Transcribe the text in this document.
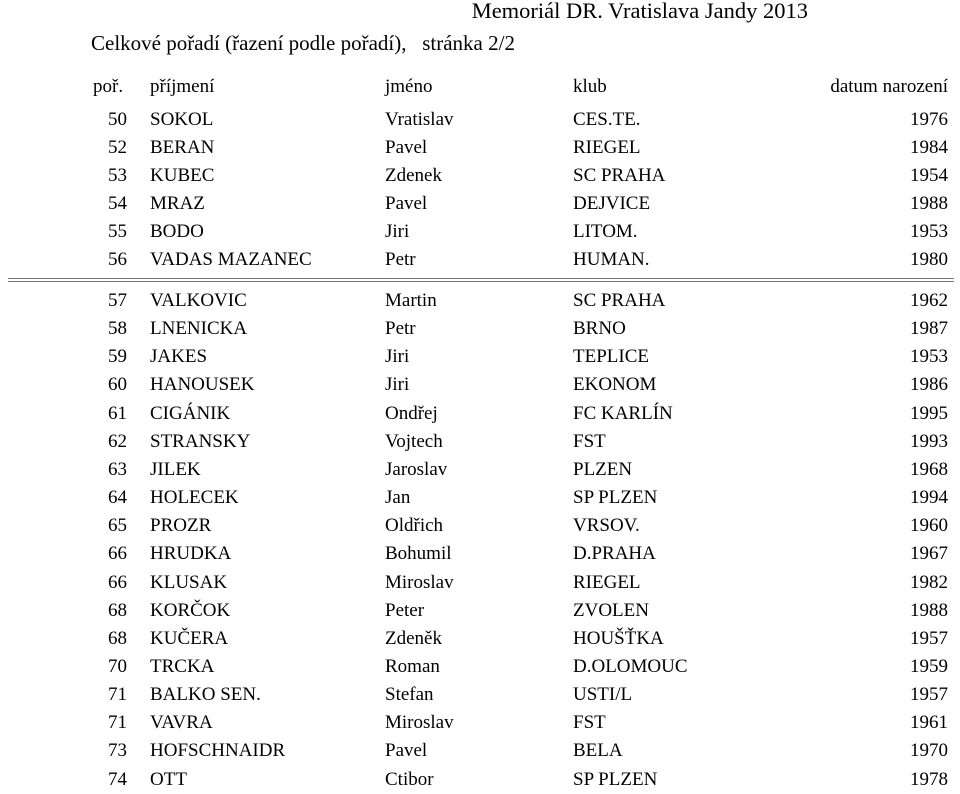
Memoriál DR. Vratislava Jandy 2013
Celkové pořadí (řazení podle pořadí), stránka 2/2
poř. příjmení	jméno	klub	datum narození
50 SOKOL	Vratislav	CES.TE.	1976
52 BERAN	Pavel	RIEGEL	1984
53 KUBEC	Zdenek	SC PRAHA	1954
54 MRAZ	Pavel	DEJVICE	1988
55 BODO	Jiri	LITOM.	1953
56 VADAS MAZANEC	Petr	HUMAN.	1980
57 VALKOVIC	Martin	SC PRAHA	1962
58 LNENICKA	Petr	BRNO	1987
59 JAKES	Jiri	TEPLICE	1953
60 HANOUSEK	Jiri	EKONOM	1986
61 CIGÁNIK	Ondřej	FC KARLÍN	1995
62 STRANSKY	Vojtech	FST	1993
63 JILEK	Jaroslav	PLZEN	1968
64 HOLECEK	Jan	SP PLZEN	1994
65 PROZR	Oldřich	VRSOV.	1960
66 HRUDKA	Bohumil	D.PRAHA	1967
66 KLUSAK	Miroslav	RIEGEL	1982
68 KORČOK	Peter	ZVOLEN	1988
68 KUČERA	Zdeněk	HOUŠŤKA	1957
70 TRCKA	Roman	D.OLOMOUC	1959
71 BALKO SEN.	Stefan	USTI/L	1957
71 VAVRA	Miroslav	FST	1961
73 HOFSCHNAIDR	Pavel	BELA	1970
74 OTT	Ctibor	SP PLZEN	1978
